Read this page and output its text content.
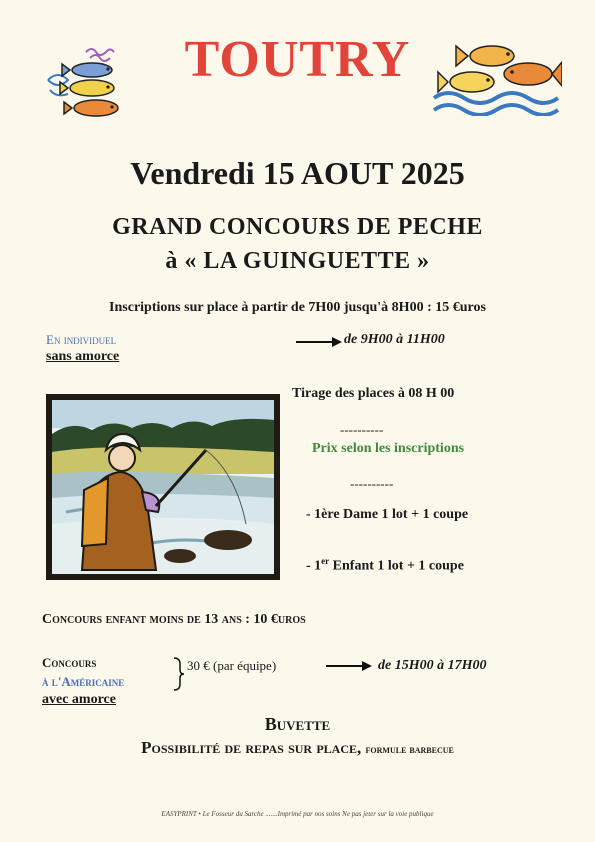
TOUTRY
Vendredi 15 AOUT 2025
GRAND CONCOURS DE PECHE
à « LA GUINGUETTE »
Inscriptions sur place à partir de 7H00 jusqu'à 8H00 : 15 €uros
En individuel
sans amorce
de 9H00 à 11H00
Tirage des places à 08 H 00
----------
Prix selon les inscriptions
----------
- 1ère Dame 1 lot + 1 coupe
- 1er Enfant 1 lot + 1 coupe
Concours enfant moins de 13 ans : 10 €uros
Concours
à l'Américaine
avec amorce
30 € (par équipe)	de 15H00 à 17H00
Buvette
Possibilité de repas sur place, formule barbecue
EASYPRINT • Le Fosseur du Sarche .......Imprimé par nos soins Ne pas jeter sur la voie publique
